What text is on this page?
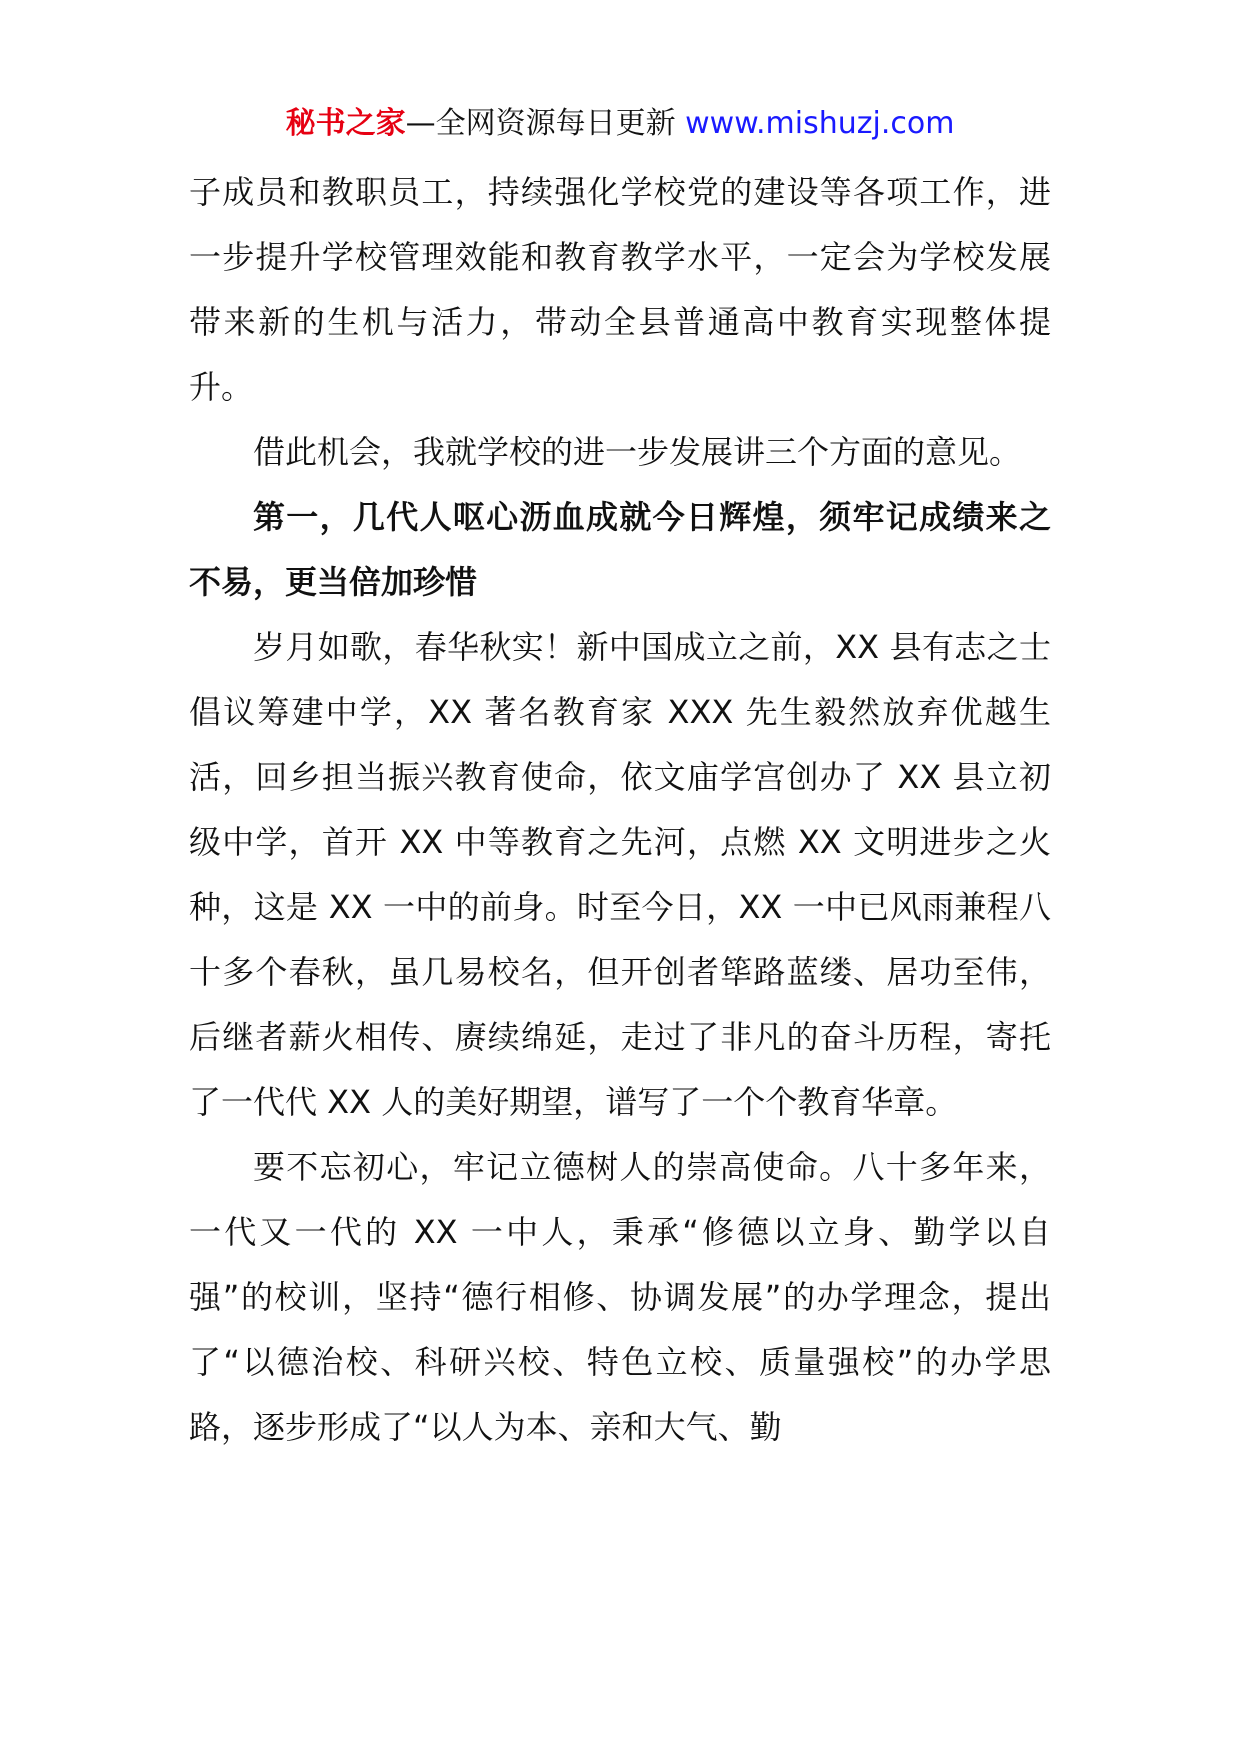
秘书之家—全网资源每日更新 www.mishuzj.com

子成员和教职员工，持续强化学校党的建设等各项工作，进一步提升学校管理效能和教育教学水平，一定会为学校发展带来新的生机与活力，带动全县普通高中教育实现整体提升。

借此机会，我就学校的进一步发展讲三个方面的意见。

第一，几代人呕心沥血成就今日辉煌，须牢记成绩来之不易，更当倍加珍惜

岁月如歌，春华秋实！新中国成立之前，XX 县有志之士倡议筹建中学，XX 著名教育家 XXX 先生毅然放弃优越生活，回乡担当振兴教育使命，依文庙学宫创办了 XX 县立初级中学，首开 XX 中等教育之先河，点燃 XX 文明进步之火种，这是 XX 一中的前身。时至今日，XX 一中已风雨兼程八十多个春秋，虽几易校名，但开创者筚路蓝缕、居功至伟，后继者薪火相传、赓续绵延，走过了非凡的奋斗历程，寄托了一代代 XX 人的美好期望，谱写了一个个教育华章。

要不忘初心，牢记立德树人的崇高使命。八十多年来，一代又一代的 XX 一中人，秉承“修德以立身、勤学以自强”的校训，坚持“德行相修、协调发展”的办学理念，提出了“以德治校、科研兴校、特色立校、质量强校”的办学思路，逐步形成了“以人为本、亲和大气、勤
